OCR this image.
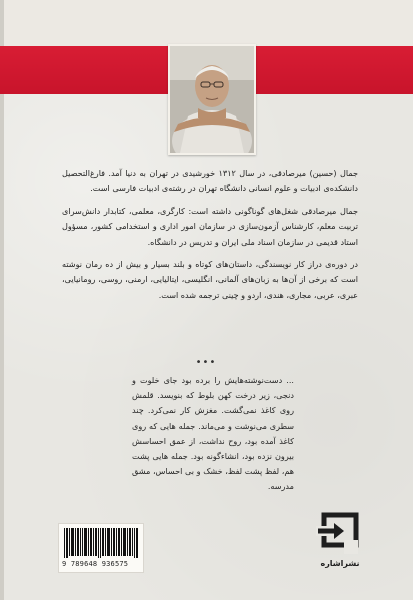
جمال (حسین) میرصادقی، در سال ۱۳۱۲ خورشیدی در تهران به دنیا آمد. فارغ‌التحصیل دانشکده‌ی ادبیات و علوم انسانی دانشگاه تهران در رشته‌ی ادبیات فارسی است.

جمال میرصادقی شغل‌های گوناگونی داشته است: کارگری، معلمی، کتابدار دانش‌سرای تربیت معلم، کارشناس آزمون‌سازی در سازمان امور اداری و استخدامی کشور، مسؤول استاد قدیمی در سازمان اسناد ملی ایران و تدریس در دانشگاه.

در دوره‌ی دراز کار نویسندگی، داستان‌های کوتاه و بلند بسیار و بیش از ده رمان نوشته است که برخی از آن‌ها به زبان‌های آلمانی، انگلیسی، ایتالیایی، ارمنی، روسی، رومانیایی، عبری، عربی، مجاری، هندی، اردو و چینی ترجمه شده است.

•••

... دست‌نوشته‌هایش را برده بود جای خلوت و دنجی، زیر درخت کهن بلوط که بنویسد. قلمش روی کاغذ نمی‌گشت. مغزش کار نمی‌کرد. چند سطری می‌نوشت و می‌ماند. جمله هایی که روی کاغذ آمده بود، روح نداشت، از عمق احساسش بیرون نزده بود، انشاءگونه بود. جمله هایی پشت هم، لفظ پشت لفظ، خشک و بی احساس، مشق مدرسه.

9 789648 936575	نشراشاره
